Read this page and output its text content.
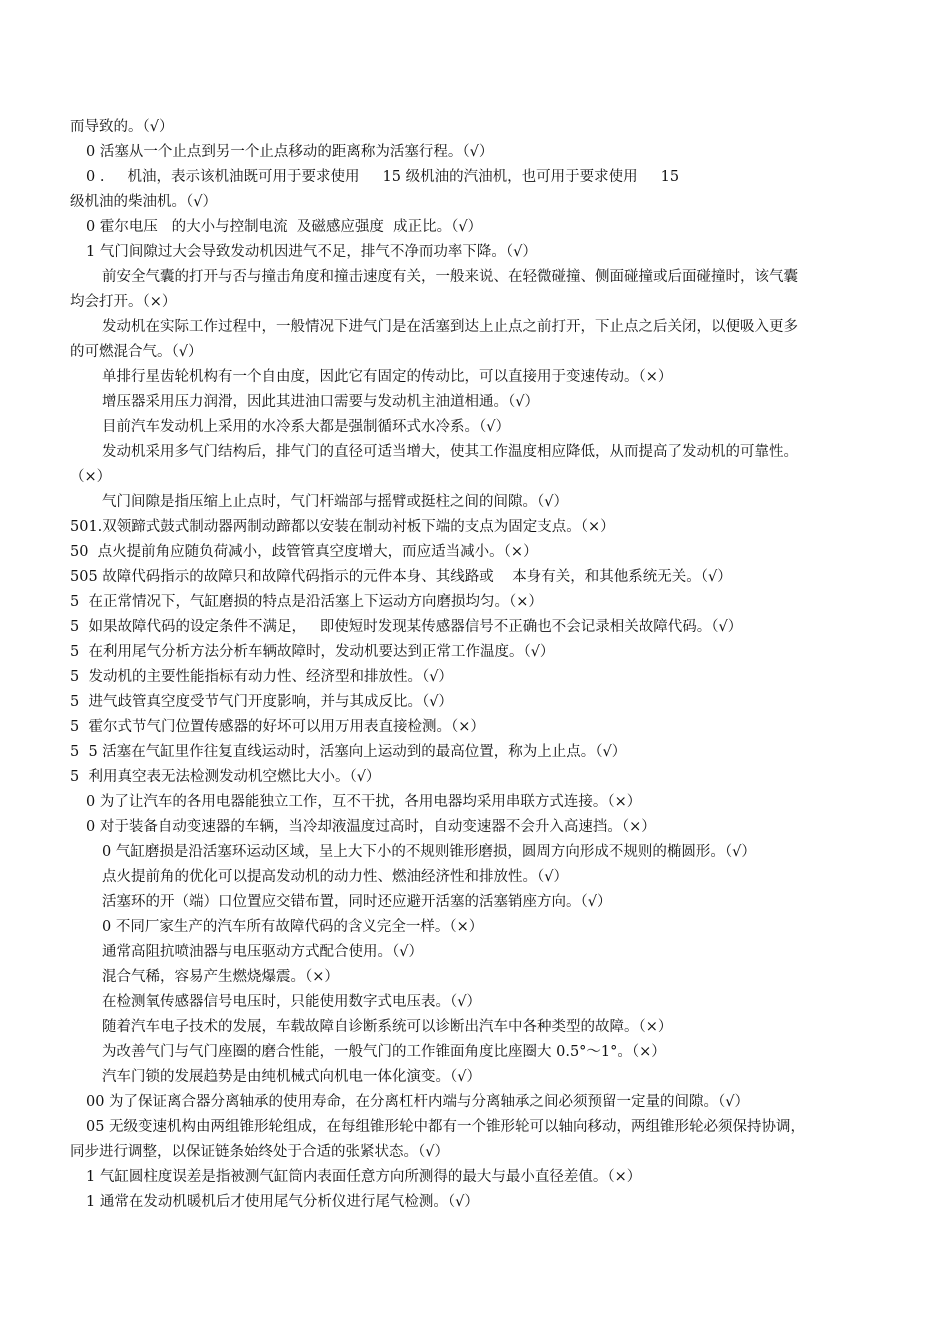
而导致的。（√）
0 活塞从一个止点到另一个止点移动的距离称为活塞行程。（√）
0 .     机油，表示该机油既可用于要求使用     15 级机油的汽油机，也可用于要求使用     15
级机油的柴油机。（√）
0 霍尔电压   的大小与控制电流  及磁感应强度  成正比。（√）
1 气门间隙过大会导致发动机因进气不足，排气不净而功率下降。（√）
前安全气囊的打开与否与撞击角度和撞击速度有关，一般来说、在轻微碰撞、侧面碰撞或后面碰撞时，该气囊
均会打开。（×）
发动机在实际工作过程中，一般情况下进气门是在活塞到达上止点之前打开，下止点之后关闭，以便吸入更多
的可燃混合气。（√）
单排行星齿轮机构有一个自由度，因此它有固定的传动比，可以直接用于变速传动。（×）
增压器采用压力润滑，因此其进油口需要与发动机主油道相通。（√）
目前汽车发动机上采用的水冷系大都是强制循环式水冷系。（√）
发动机采用多气门结构后，排气门的直径可适当增大，使其工作温度相应降低，从而提高了发动机的可靠性。
（×）
气门间隙是指压缩上止点时，气门杆端部与摇臂或挺柱之间的间隙。（√）
501.双领蹄式鼓式制动器两制动蹄都以安装在制动衬板下端的支点为固定支点。（×）
50  点火提前角应随负荷减小，歧管管真空度增大，而应适当减小。（×）
505 故障代码指示的故障只和故障代码指示的元件本身、其线路或    本身有关，和其他系统无关。（√）
5  在正常情况下，气缸磨损的特点是沿活塞上下运动方向磨损均匀。（×）
5  如果故障代码的设定条件不满足，   即使短时发现某传感器信号不正确也不会记录相关故障代码。（√）
5  在利用尾气分析方法分析车辆故障时，发动机要达到正常工作温度。（√）
5  发动机的主要性能指标有动力性、经济型和排放性。（√）
5  进气歧管真空度受节气门开度影响，并与其成反比。（√）
5  霍尔式节气门位置传感器的好坏可以用万用表直接检测。（×）
5  5 活塞在气缸里作往复直线运动时，活塞向上运动到的最高位置，称为上止点。（√）
5  利用真空表无法检测发动机空燃比大小。（√）
0 为了让汽车的各用电器能独立工作，互不干扰，各用电器均采用串联方式连接。（×）
0 对于装备自动变速器的车辆，当冷却液温度过高时，自动变速器不会升入高速挡。（×）
0 气缸磨损是沿活塞环运动区域，呈上大下小的不规则锥形磨损，圆周方向形成不规则的椭圆形。（√）
点火提前角的优化可以提高发动机的动力性、燃油经济性和排放性。（√）
活塞环的开（端）口位置应交错布置，同时还应避开活塞的活塞销座方向。（√）
0 不同厂家生产的汽车所有故障代码的含义完全一样。（×）
通常高阻抗喷油器与电压驱动方式配合使用。（√）
混合气稀，容易产生燃烧爆震。（×）
在检测氧传感器信号电压时，只能使用数字式电压表。（√）
随着汽车电子技术的发展，车载故障自诊断系统可以诊断出汽车中各种类型的故障。（×）
为改善气门与气门座圈的磨合性能，一般气门的工作锥面角度比座圈大 0.5°～1°。（×）
汽车门锁的发展趋势是由纯机械式向机电一体化演变。（√）
00 为了保证离合器分离轴承的使用寿命，在分离杠杆内端与分离轴承之间必须预留一定量的间隙。（√）
05 无级变速机构由两组锥形轮组成，在每组锥形轮中都有一个锥形轮可以轴向移动，两组锥形轮必须保持协调，
同步进行调整，以保证链条始终处于合适的张紧状态。（√）
1 气缸圆柱度误差是指被测气缸筒内表面任意方向所测得的最大与最小直径差值。（×）
1 通常在发动机暖机后才使用尾气分析仪进行尾气检测。（√）
